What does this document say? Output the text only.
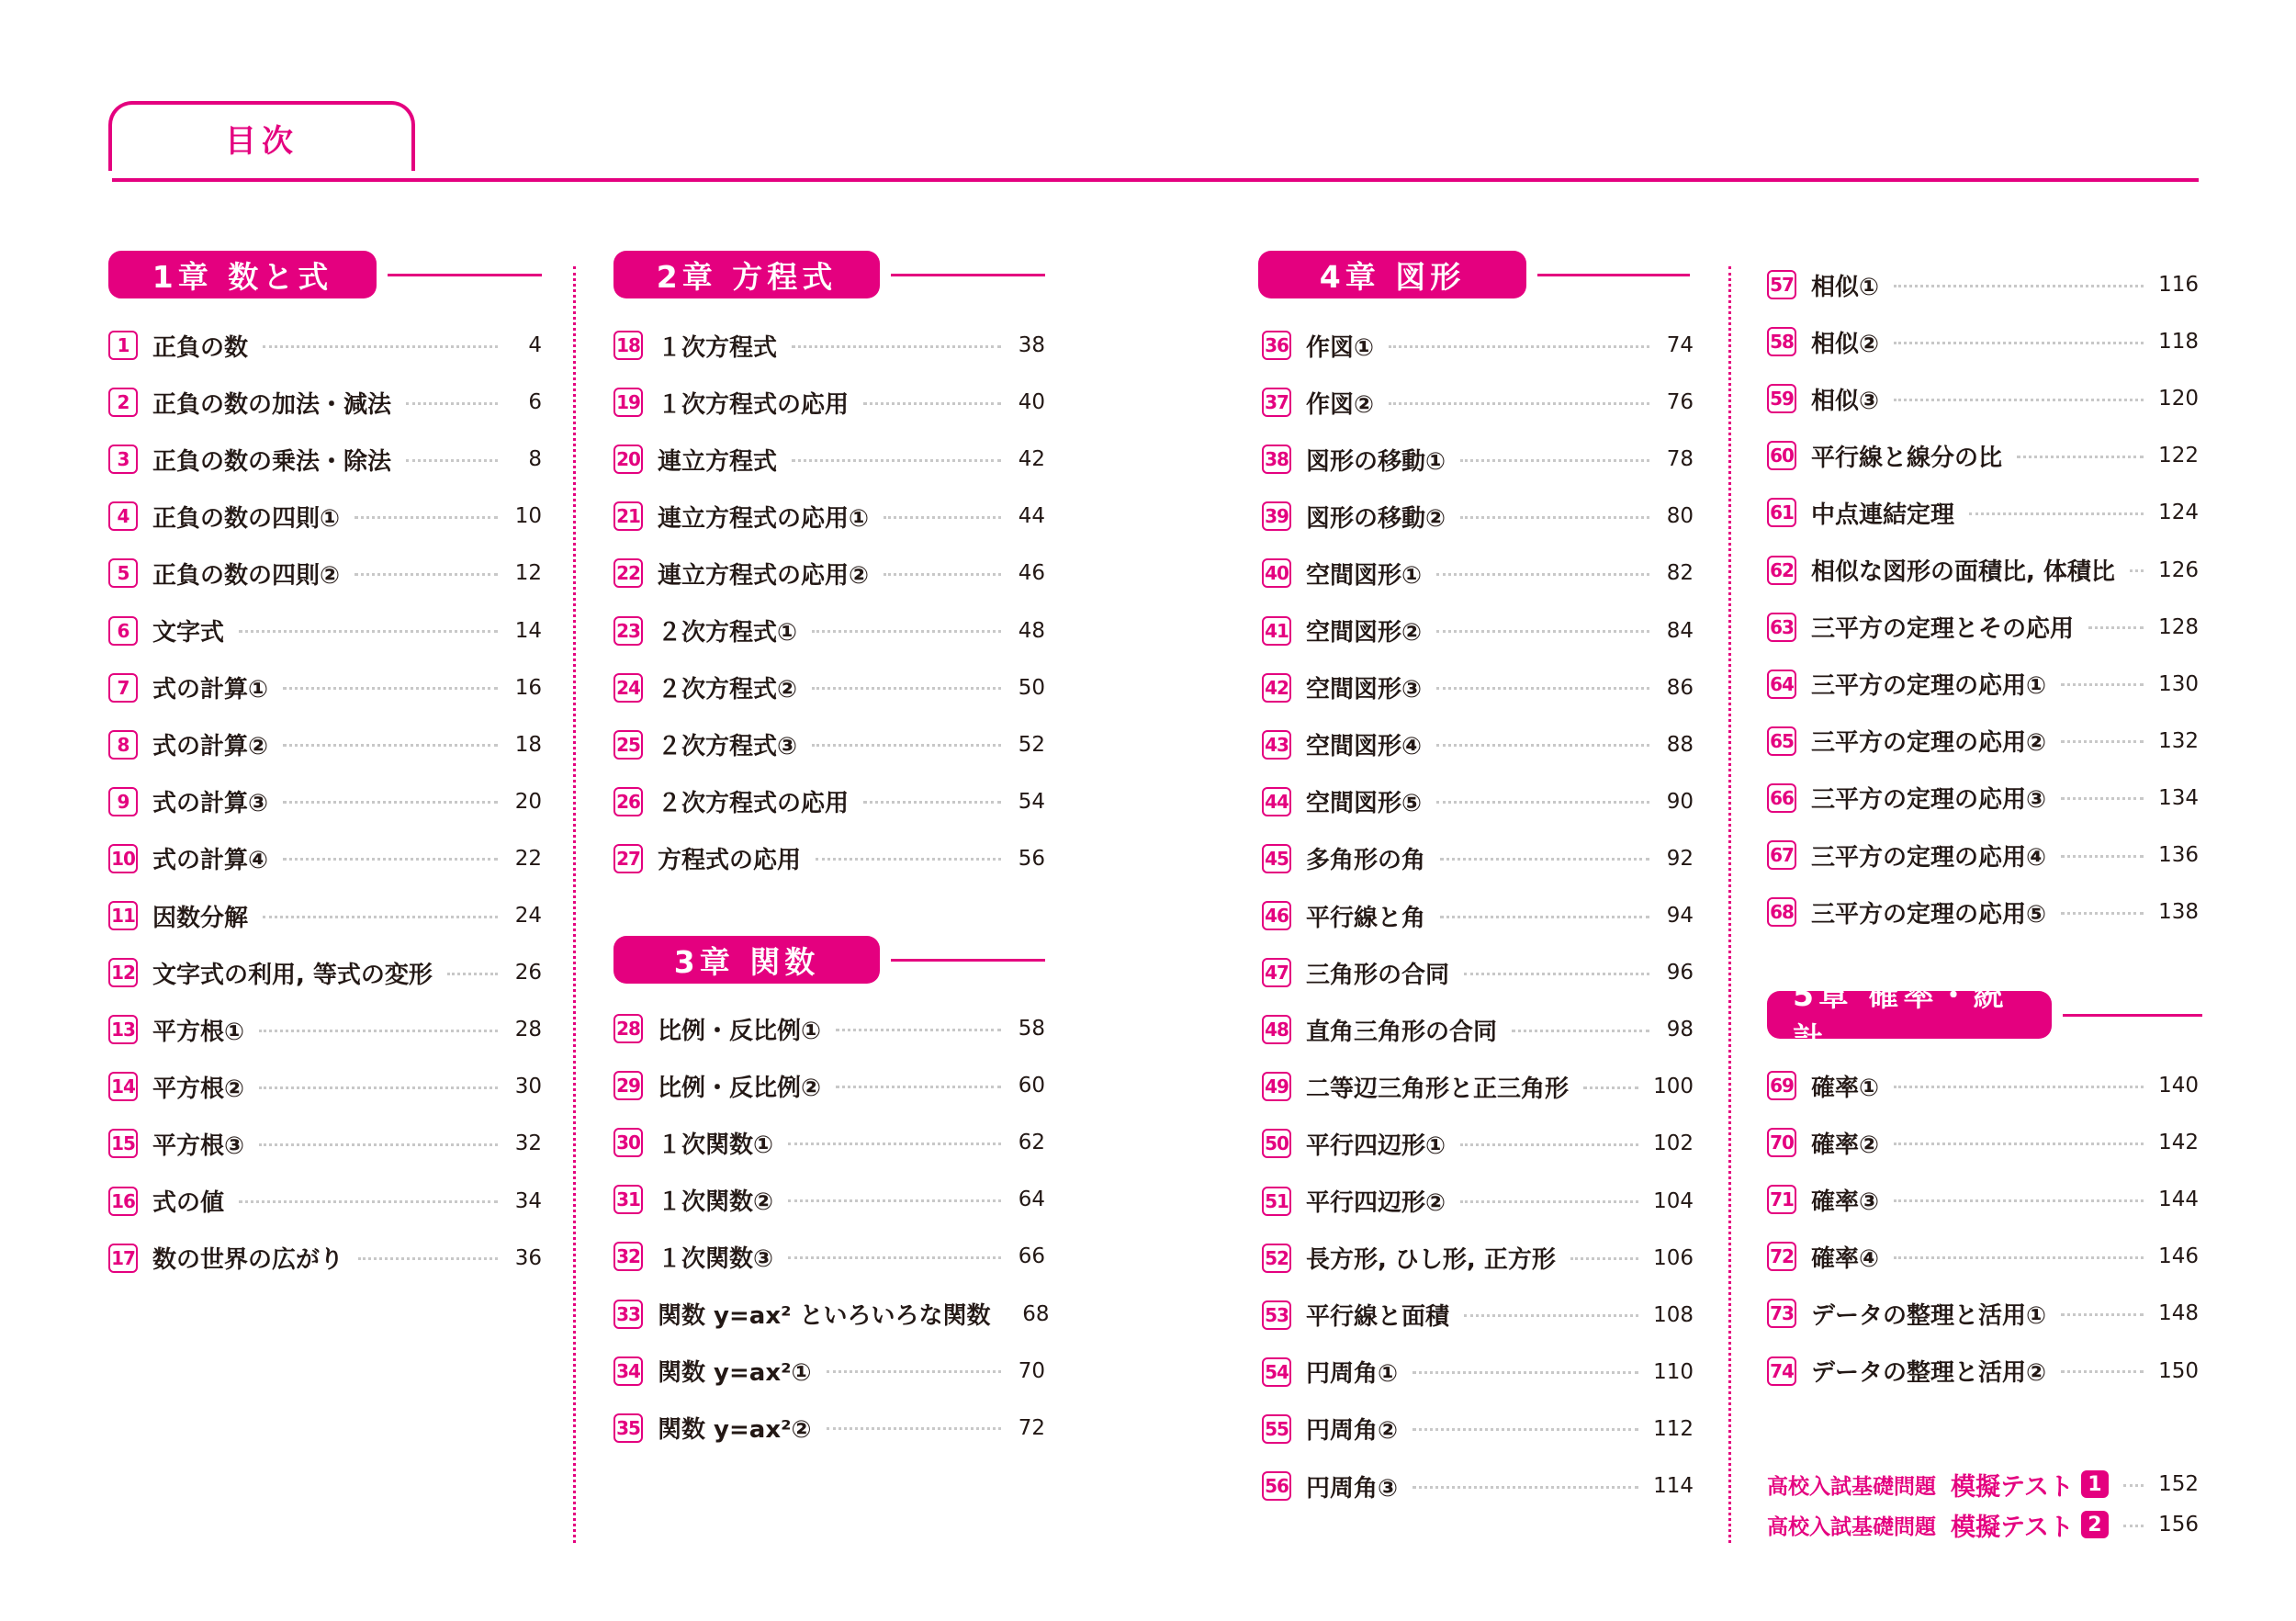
目次
1章 数と式	2章 方程式
3章 関数
4章 図形
5章 確率・統計
1 正負の数	4
2 正負の数の加法・減法	6
3 正負の数の乗法・除法	8
4 正負の数の四則①	10
5 正負の数の四則②	12
6 文字式	14
7 式の計算①	16
8 式の計算②	18
9 式の計算③	20
10 式の計算④	22
11 因数分解	24
12 文字式の利用, 等式の変形	26
13 平方根①	28
14 平方根②	30
15 平方根③	32
16 式の値	34
17 数の世界の広がり	36
18 １次方程式	38
19 １次方程式の応用	40
20 連立方程式	42
21 連立方程式の応用①	44
22 連立方程式の応用②	46
23 ２次方程式①	48
24 ２次方程式②	50
25 ２次方程式③	52
26 ２次方程式の応用	54
27 方程式の応用	56
28 比例・反比例①	58
29 比例・反比例②	60
30 １次関数①	62
31 １次関数②	64
32 １次関数③	66
33 関数 y=ax² といろいろな関数 68
34 関数 y=ax²①	70
35 関数 y=ax²②	72
36 作図①	74
37 作図②	76
38 図形の移動①	78
39 図形の移動②	80
40 空間図形①	82
41 空間図形②	84
42 空間図形③	86
43 空間図形④	88
44 空間図形⑤	90
45 多角形の角	92
46 平行線と角	94
47 三角形の合同	96
48 直角三角形の合同	98
49 二等辺三角形と正三角形	100
50 平行四辺形①	102
51 平行四辺形②	104
52 長方形, ひし形, 正方形	106
53 平行線と面積	108
54 円周角①	110
55 円周角②	112
56 円周角③	114
57 相似①	116
58 相似②	118
59 相似③	120
60 平行線と線分の比	122
61 中点連結定理	124
62 相似な図形の面積比, 体積比 126
63 三平方の定理とその応用	128
64 三平方の定理の応用①	130
65 三平方の定理の応用②	132
66 三平方の定理の応用③	134
67 三平方の定理の応用④	136
68 三平方の定理の応用⑤	138
69 確率①	140
70 確率②	142
71 確率③	144
72 確率④	146
73 データの整理と活用①	148
74 データの整理と活用②	150
高校入試基礎問題 模擬テスト 1	152
高校入試基礎問題 模擬テスト 2	156
